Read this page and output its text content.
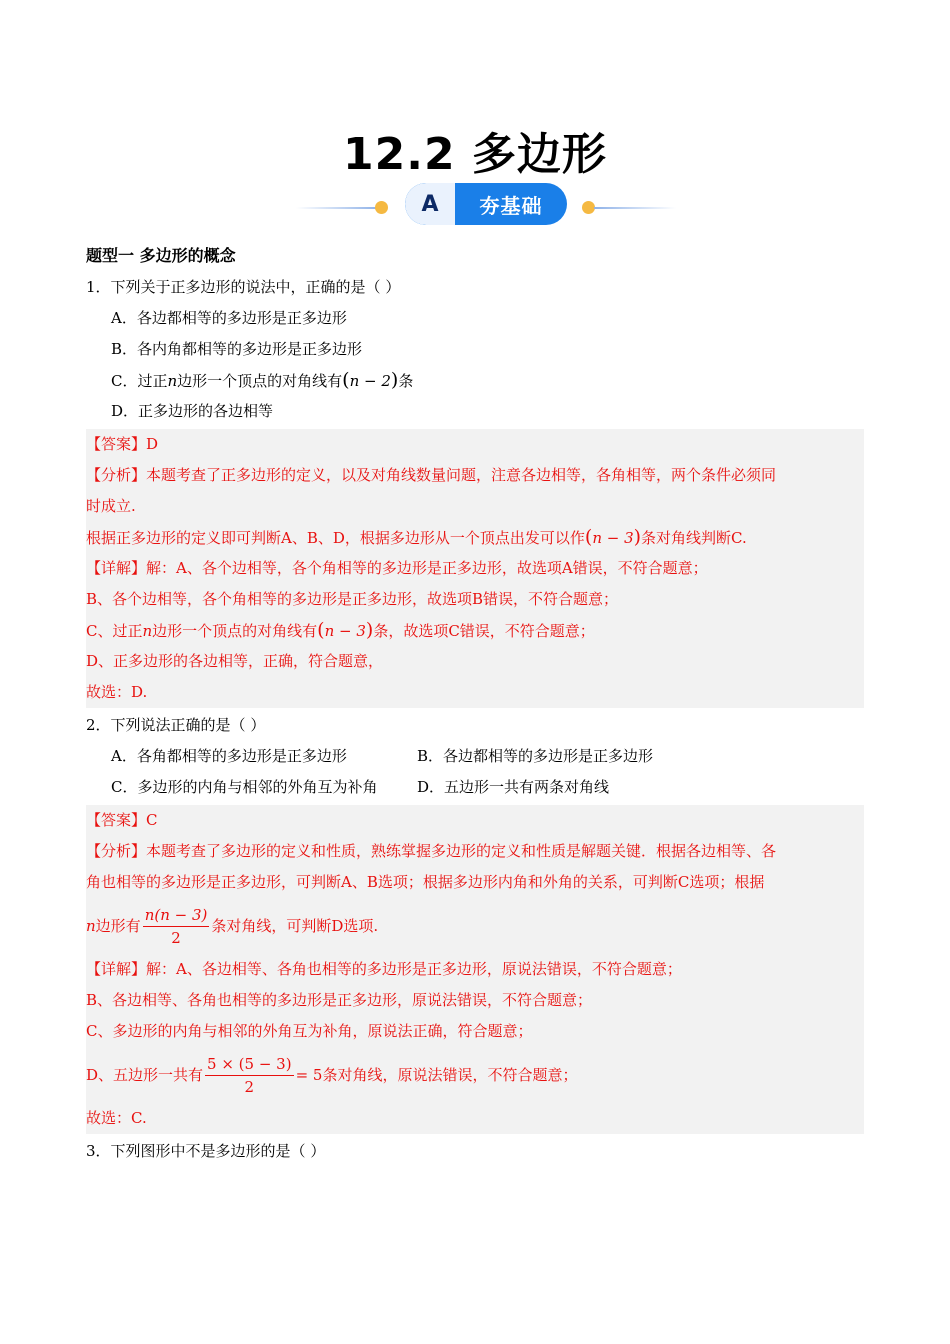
12.2 多边形
A	夯基础
题型一 多边形的概念
1．下列关于正多边形的说法中，正确的是（ ）
A．各边都相等的多边形是正多边形
B．各内角都相等的多边形是正多边形
C．过正n边形一个顶点的对角线有(n − 2)条
D．正多边形的各边相等
【答案】D
【分析】本题考查了正多边形的定义，以及对角线数量问题，注意各边相等，各角相等，两个条件必须同
时成立.
根据正多边形的定义即可判断A、B、D，根据多边形从一个顶点出发可以作(n − 3)条对角线判断C.
【详解】解：A、各个边相等，各个角相等的多边形是正多边形，故选项A错误，不符合题意；
B、各个边相等，各个角相等的多边形是正多边形，故选项B错误，不符合题意；
C、过正n边形一个顶点的对角线有(n − 3)条，故选项C错误，不符合题意；
D、正多边形的各边相等，正确，符合题意，
故选：D.
2．下列说法正确的是（ ）
A．各角都相等的多边形是正多边形	B．各边都相等的多边形是正多边形
C．多边形的内角与相邻的外角互为补角	D．五边形一共有两条对角线
【答案】C
【分析】本题考查了多边形的定义和性质，熟练掌握多边形的定义和性质是解题关键．根据各边相等、各
角也相等的多边形是正多边形，可判断A、B选项；根据多边形内角和外角的关系，可判断C选项；根据
n 边形有 $\frac{n(n - 3)}{2}$ 条对角线，可判断D选项.
【详解】解：A、各边相等、各角也相等的多边形是正多边形，原说法错误，不符合题意；
B、各边相等、各角也相等的多边形是正多边形，原说法错误，不符合题意；
C、多边形的内角与相邻的外角互为补角，原说法正确，符合题意；
D、五边形一共有 $\frac{5 \times (5 - 3)}{2} = 5$条对角线，原说法错误，不符合题意；
故选：C.
3．下列图形中不是多边形的是（ ）
